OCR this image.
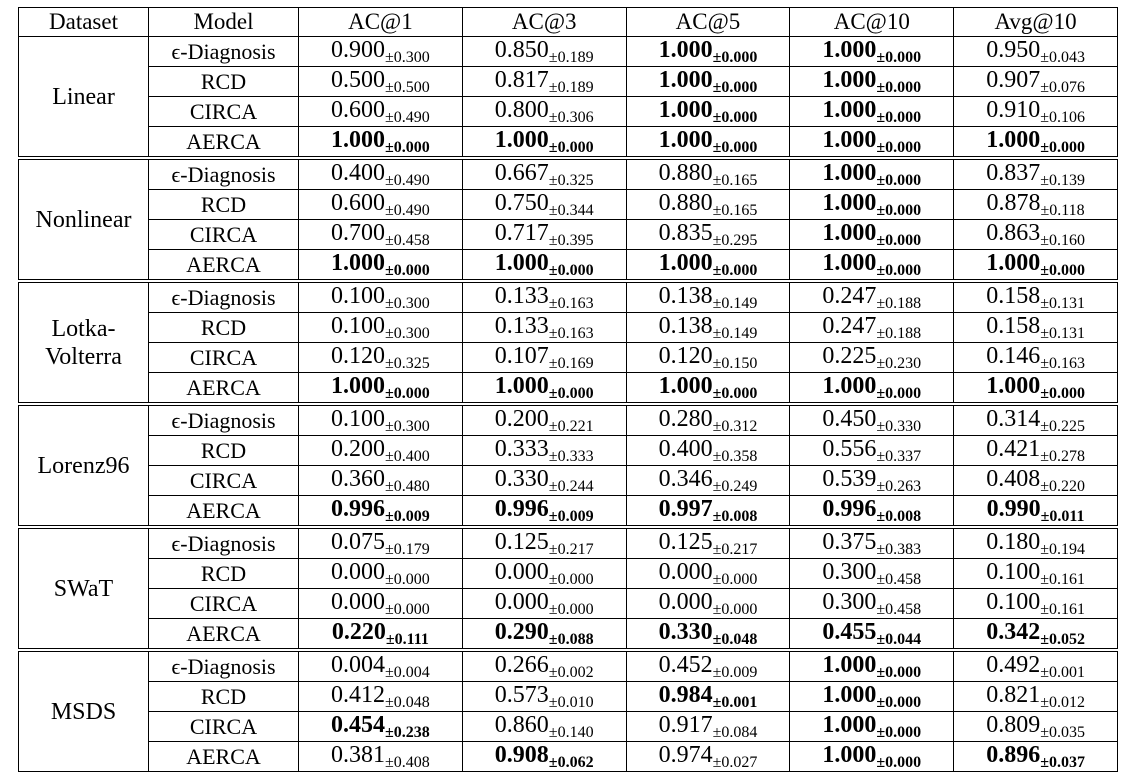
Dataset	Model	AC@1	AC@3	AC@5	AC@10	Avg@10
Linear	ϵ-Diagnosis	$0.900_{\pm 0.300}$	$0.850_{\pm 0.189}$	$1.000_{\pm 0.000}$	$1.000_{\pm 0.000}$	$0.950_{\pm 0.043}$
	RCD	$0.500_{\pm 0.500}$	$0.817_{\pm 0.189}$	$1.000_{\pm 0.000}$	$1.000_{\pm 0.000}$	$0.907_{\pm 0.076}$
	CIRCA	$0.600_{\pm 0.490}$	$0.800_{\pm 0.306}$	$1.000_{\pm 0.000}$	$1.000_{\pm 0.000}$	$0.910_{\pm 0.106}$
	AERCA	$1.000_{\pm 0.000}$	$1.000_{\pm 0.000}$	$1.000_{\pm 0.000}$	$1.000_{\pm 0.000}$	$1.000_{\pm 0.000}$
Nonlinear	ϵ-Diagnosis	$0.400_{\pm 0.490}$	$0.667_{\pm 0.325}$	$0.880_{\pm 0.165}$	$1.000_{\pm 0.000}$	$0.837_{\pm 0.139}$
	RCD	$0.600_{\pm 0.490}$	$0.750_{\pm 0.344}$	$0.880_{\pm 0.165}$	$1.000_{\pm 0.000}$	$0.878_{\pm 0.118}$
	CIRCA	$0.700_{\pm 0.458}$	$0.717_{\pm 0.395}$	$0.835_{\pm 0.295}$	$1.000_{\pm 0.000}$	$0.863_{\pm 0.160}$
	AERCA	$1.000_{\pm 0.000}$	$1.000_{\pm 0.000}$	$1.000_{\pm 0.000}$	$1.000_{\pm 0.000}$	$1.000_{\pm 0.000}$
Lotka-Volterra	ϵ-Diagnosis	$0.100_{\pm 0.300}$	$0.133_{\pm 0.163}$	$0.138_{\pm 0.149}$	$0.247_{\pm 0.188}$	$0.158_{\pm 0.131}$
	RCD	$0.100_{\pm 0.300}$	$0.133_{\pm 0.163}$	$0.138_{\pm 0.149}$	$0.247_{\pm 0.188}$	$0.158_{\pm 0.131}$
	CIRCA	$0.120_{\pm 0.325}$	$0.107_{\pm 0.169}$	$0.120_{\pm 0.150}$	$0.225_{\pm 0.230}$	$0.146_{\pm 0.163}$
	AERCA	$1.000_{\pm 0.000}$	$1.000_{\pm 0.000}$	$1.000_{\pm 0.000}$	$1.000_{\pm 0.000}$	$1.000_{\pm 0.000}$
Lorenz96	ϵ-Diagnosis	$0.100_{\pm 0.300}$	$0.200_{\pm 0.221}$	$0.280_{\pm 0.312}$	$0.450_{\pm 0.330}$	$0.314_{\pm 0.225}$
	RCD	$0.200_{\pm 0.400}$	$0.333_{\pm 0.333}$	$0.400_{\pm 0.358}$	$0.556_{\pm 0.337}$	$0.421_{\pm 0.278}$
	CIRCA	$0.360_{\pm 0.480}$	$0.330_{\pm 0.244}$	$0.346_{\pm 0.249}$	$0.539_{\pm 0.263}$	$0.408_{\pm 0.220}$
	AERCA	$0.996_{\pm 0.009}$	$0.996_{\pm 0.009}$	$0.997_{\pm 0.008}$	$0.996_{\pm 0.008}$	$0.990_{\pm 0.011}$
SWaT	ϵ-Diagnosis	$0.075_{\pm 0.179}$	$0.125_{\pm 0.217}$	$0.125_{\pm 0.217}$	$0.375_{\pm 0.383}$	$0.180_{\pm 0.194}$
	RCD	$0.000_{\pm 0.000}$	$0.000_{\pm 0.000}$	$0.000_{\pm 0.000}$	$0.300_{\pm 0.458}$	$0.100_{\pm 0.161}$
	CIRCA	$0.000_{\pm 0.000}$	$0.000_{\pm 0.000}$	$0.000_{\pm 0.000}$	$0.300_{\pm 0.458}$	$0.100_{\pm 0.161}$
	AERCA	$0.220_{\pm 0.111}$	$0.290_{\pm 0.088}$	$0.330_{\pm 0.048}$	$0.455_{\pm 0.044}$	$0.342_{\pm 0.052}$
MSDS	ϵ-Diagnosis	$0.004_{\pm 0.004}$	$0.266_{\pm 0.002}$	$0.452_{\pm 0.009}$	$1.000_{\pm 0.000}$	$0.492_{\pm 0.001}$
	RCD	$0.412_{\pm 0.048}$	$0.573_{\pm 0.010}$	$0.984_{\pm 0.001}$	$1.000_{\pm 0.000}$	$0.821_{\pm 0.012}$
	CIRCA	$0.454_{\pm 0.238}$	$0.860_{\pm 0.140}$	$0.917_{\pm 0.084}$	$1.000_{\pm 0.000}$	$0.809_{\pm 0.035}$
	AERCA	$0.381_{\pm 0.408}$	$0.908_{\pm 0.062}$	$0.974_{\pm 0.027}$	$1.000_{\pm 0.000}$	$0.896_{\pm 0.037}$
